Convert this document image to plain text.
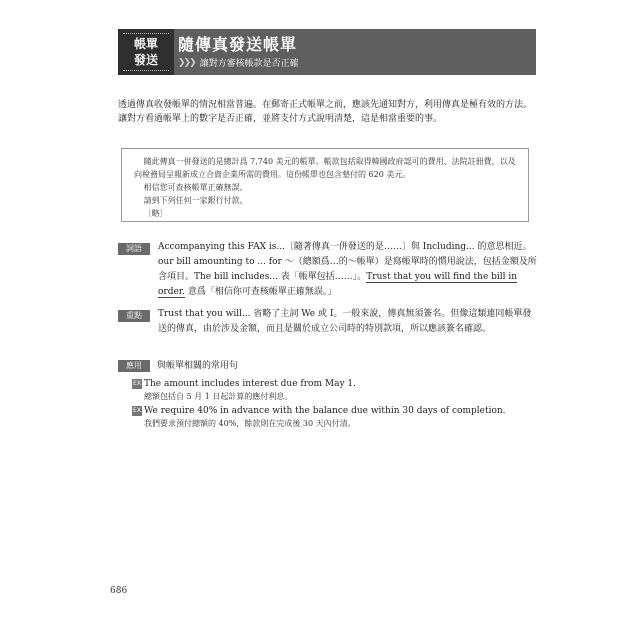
帳單
發送
隨傳真發送帳單
❯❯❯ 讓對方審核帳款是否正確
透過傳真收發帳單的情況相當普遍。在郵寄正式帳單之前，應該先通知對方，利用傳真是極有效的方法。讓對方看過帳單上的數字是否正確，並將支付方式說明清楚，這是相當重要的事。
隨此傳真一併發送的是總計爲 7,740 美元的帳單。帳款包括取得韓國政府認可的費用、法院註冊費，以及向稅務局呈報新成立合資企業所需的費用。這份帳單也包含墊付的 620 美元。
相信您可查核帳單正確無誤。
請到下列任何一家銀行付款。
〔略〕
詞語	Accompanying this FAX is...〔隨著傳真一併發送的是……〕與 Including... 的意思相近。our bill amounting to ... for ～（總額爲…的～帳單）是寫帳單時的慣用說法，包括金額及所含項目。The bill includes... 表「帳單包括……」。Trust that you will find the bill in order. 意爲「相信你可查核帳單正確無誤。」
重點	Trust that you will... 省略了主詞 We 或 I。一般來說，傳真無須簽名。但像這類連同帳單發送的傳真，由於涉及金額，而且是關於成立公司時的特別款項，所以應該簽名確認。
應用	與帳單相關的常用句
EX The amount includes interest due from May 1.
總額包括自 5 月 1 日起計算的應付利息。
EX We require 40% in advance with the balance due within 30 days of completion.
我們要求預付總額的 40%，餘款則在完成後 30 天內付清。
686
